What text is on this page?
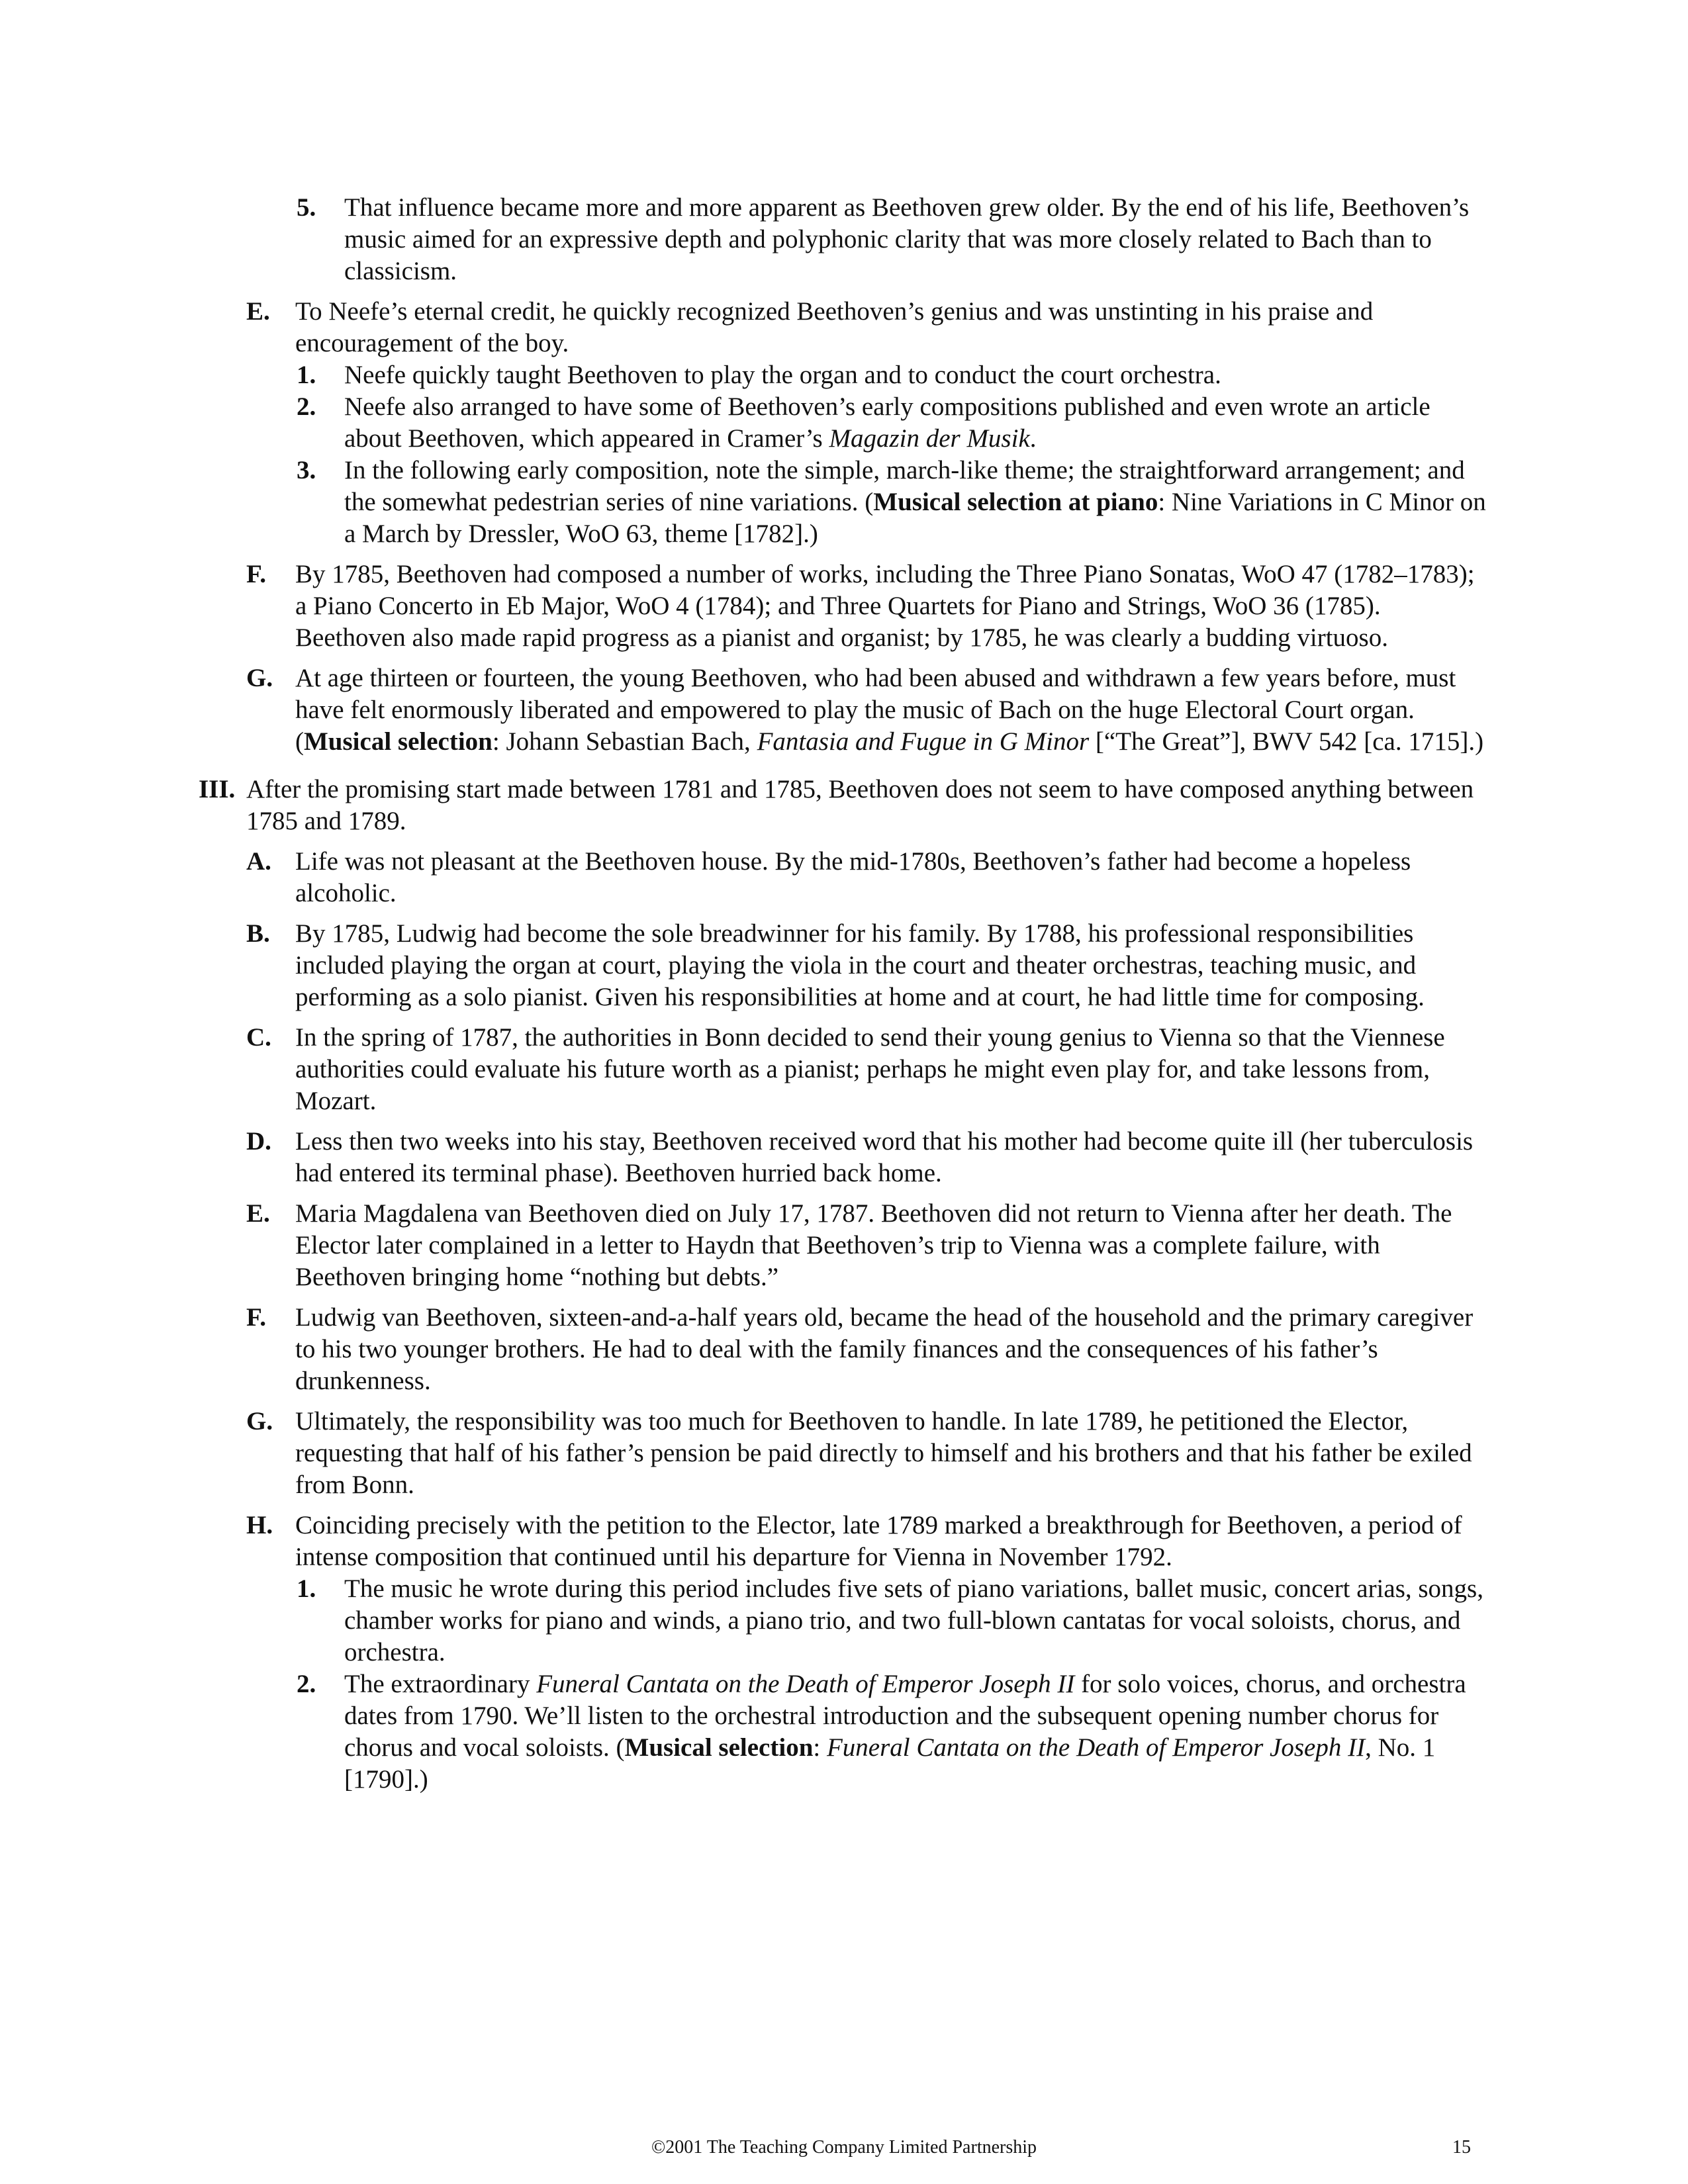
5. That influence became more and more apparent as Beethoven grew older. By the end of his life, Beethoven’s music aimed for an expressive depth and polyphonic clarity that was more closely related to Bach than to classicism.
E. To Neefe’s eternal credit, he quickly recognized Beethoven’s genius and was unstinting in his praise and encouragement of the boy.
1. Neefe quickly taught Beethoven to play the organ and to conduct the court orchestra.
2. Neefe also arranged to have some of Beethoven’s early compositions published and even wrote an article about Beethoven, which appeared in Cramer’s Magazin der Musik.
3. In the following early composition, note the simple, march-like theme; the straightforward arrangement; and the somewhat pedestrian series of nine variations. (Musical selection at piano: Nine Variations in C Minor on a March by Dressler, WoO 63, theme [1782].)
F. By 1785, Beethoven had composed a number of works, including the Three Piano Sonatas, WoO 47 (1782–1783); a Piano Concerto in Eb Major, WoO 4 (1784); and Three Quartets for Piano and Strings, WoO 36 (1785). Beethoven also made rapid progress as a pianist and organist; by 1785, he was clearly a budding virtuoso.
G. At age thirteen or fourteen, the young Beethoven, who had been abused and withdrawn a few years before, must have felt enormously liberated and empowered to play the music of Bach on the huge Electoral Court organ. (Musical selection: Johann Sebastian Bach, Fantasia and Fugue in G Minor [“The Great”], BWV 542 [ca. 1715].)
III. After the promising start made between 1781 and 1785, Beethoven does not seem to have composed anything between 1785 and 1789.
A. Life was not pleasant at the Beethoven house. By the mid-1780s, Beethoven’s father had become a hopeless alcoholic.
B. By 1785, Ludwig had become the sole breadwinner for his family. By 1788, his professional responsibilities included playing the organ at court, playing the viola in the court and theater orchestras, teaching music, and performing as a solo pianist. Given his responsibilities at home and at court, he had little time for composing.
C. In the spring of 1787, the authorities in Bonn decided to send their young genius to Vienna so that the Viennese authorities could evaluate his future worth as a pianist; perhaps he might even play for, and take lessons from, Mozart.
D. Less then two weeks into his stay, Beethoven received word that his mother had become quite ill (her tuberculosis had entered its terminal phase). Beethoven hurried back home.
E. Maria Magdalena van Beethoven died on July 17, 1787. Beethoven did not return to Vienna after her death. The Elector later complained in a letter to Haydn that Beethoven’s trip to Vienna was a complete failure, with Beethoven bringing home “nothing but debts.”
F. Ludwig van Beethoven, sixteen-and-a-half years old, became the head of the household and the primary caregiver to his two younger brothers. He had to deal with the family finances and the consequences of his father’s drunkenness.
G. Ultimately, the responsibility was too much for Beethoven to handle. In late 1789, he petitioned the Elector, requesting that half of his father’s pension be paid directly to himself and his brothers and that his father be exiled from Bonn.
H. Coinciding precisely with the petition to the Elector, late 1789 marked a breakthrough for Beethoven, a period of intense composition that continued until his departure for Vienna in November 1792.
1. The music he wrote during this period includes five sets of piano variations, ballet music, concert arias, songs, chamber works for piano and winds, a piano trio, and two full-blown cantatas for vocal soloists, chorus, and orchestra.
2. The extraordinary Funeral Cantata on the Death of Emperor Joseph II for solo voices, chorus, and orchestra dates from 1790. We’ll listen to the orchestral introduction and the subsequent opening number chorus for chorus and vocal soloists. (Musical selection: Funeral Cantata on the Death of Emperor Joseph II, No. 1 [1790].)
©2001 The Teaching Company Limited Partnership	15
